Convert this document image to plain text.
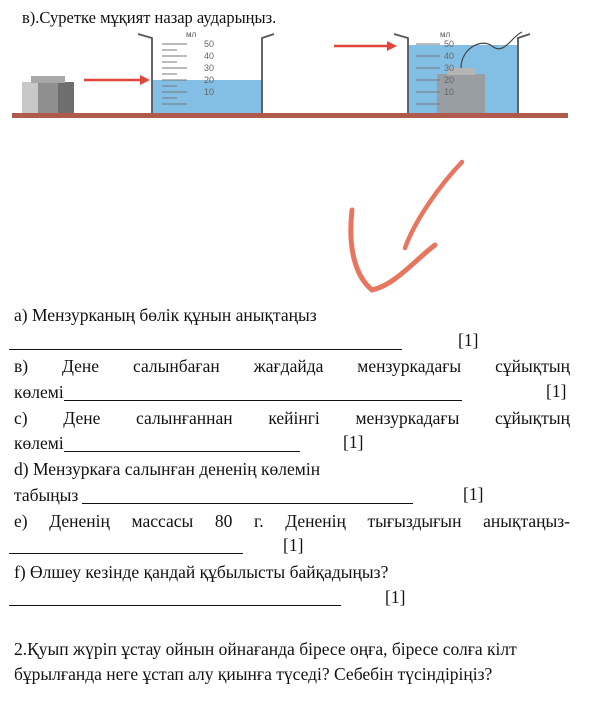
в).Суретке мұқият назар аударыңыз.
мл	мл
50
40
30
20
10
50
40
30
20
10
а) Мензурканың бөлік құнын анықтаңыз
[1]
в) Дене салынбаған жағдайда мензуркадағы сұйықтың
көлемі	[1]
с) Дене салынғаннан кейінгі мензуркадағы сұйықтың
көлемі	[1]
d) Мензуркаға салынған дененің көлемін
табыңыз	[1]
е) Дененің массасы 80 г. Дененің тығыздығын анықтаңыз-
[1]
f) Өлшеу кезінде қандай құбылысты байқадыңыз?
[1]
2.Қуып жүріп ұстау ойнын ойнағанда біресе оңға, біресе солға кілт
бұрылғанда неге ұстап алу қиынға түседі? Себебін түсіндіріңіз?
